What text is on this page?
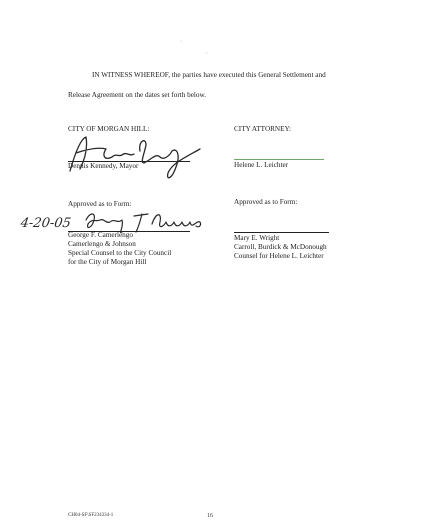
IN WITNESS WHEREOF, the parties have executed this General Settlement and
Release Agreement on the dates set forth below.
CITY OF MORGAN HILL:
Dennis Kennedy, Mayor
Approved as to Form:
4-20-05
George F. Camerlengo
Camerlengo & Johnson
Special Counsel to the City Council
for the City of Morgan Hill
CITY ATTORNEY:
Helene L. Leichter
Approved as to Form:
Mary E. Wright
Carroll, Burdick & McDonough
Counsel for Helene L. Leichter
CH04-SF\SF234334-1	16
